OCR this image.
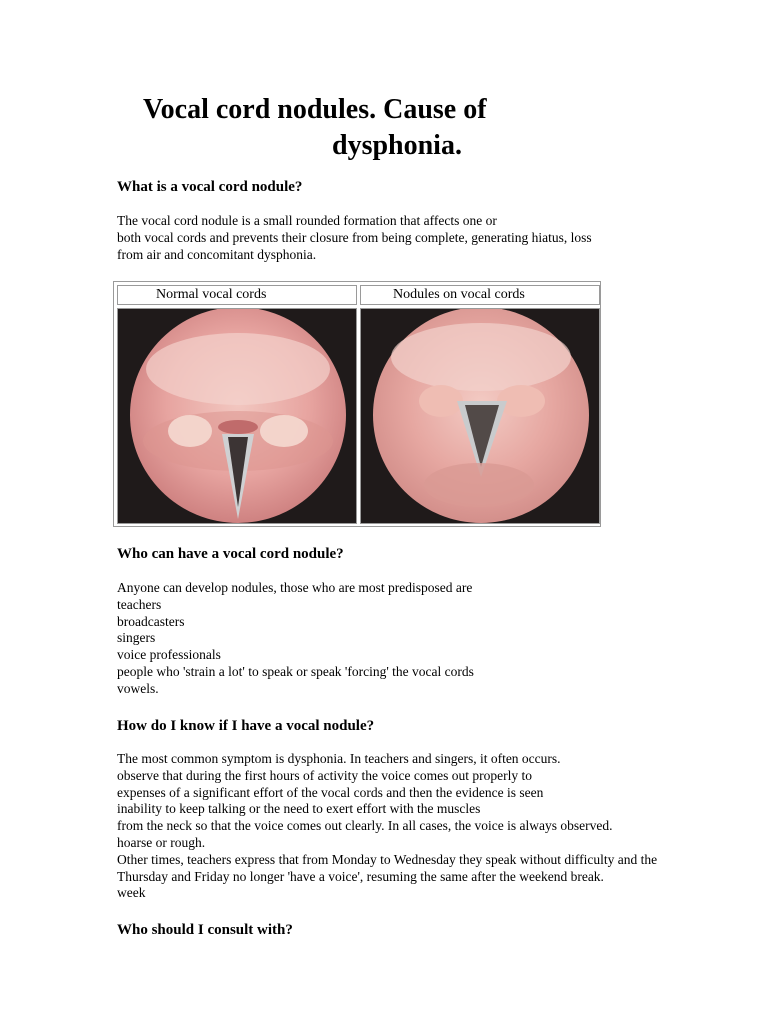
Vocal cord nodules. Cause of
dysphonia.
What is a vocal cord nodule?
The vocal cord nodule is a small rounded formation that affects one or
both vocal cords and prevents their closure from being complete, generating hiatus, loss
from air and concomitant dysphonia.
Normal vocal cords	Nodules on vocal cords
Who can have a vocal cord nodule?
Anyone can develop nodules, those who are most predisposed are
teachers
broadcasters
singers
voice professionals
people who 'strain a lot' to speak or speak 'forcing' the vocal cords
vowels.
How do I know if I have a vocal nodule?
The most common symptom is dysphonia. In teachers and singers, it often occurs.
observe that during the first hours of activity the voice comes out properly to
expenses of a significant effort of the vocal cords and then the evidence is seen
inability to keep talking or the need to exert effort with the muscles
from the neck so that the voice comes out clearly. In all cases, the voice is always observed.
hoarse or rough.
Other times, teachers express that from Monday to Wednesday they speak without difficulty and the
Thursday and Friday no longer 'have a voice', resuming the same after the weekend break.
week
Who should I consult with?
